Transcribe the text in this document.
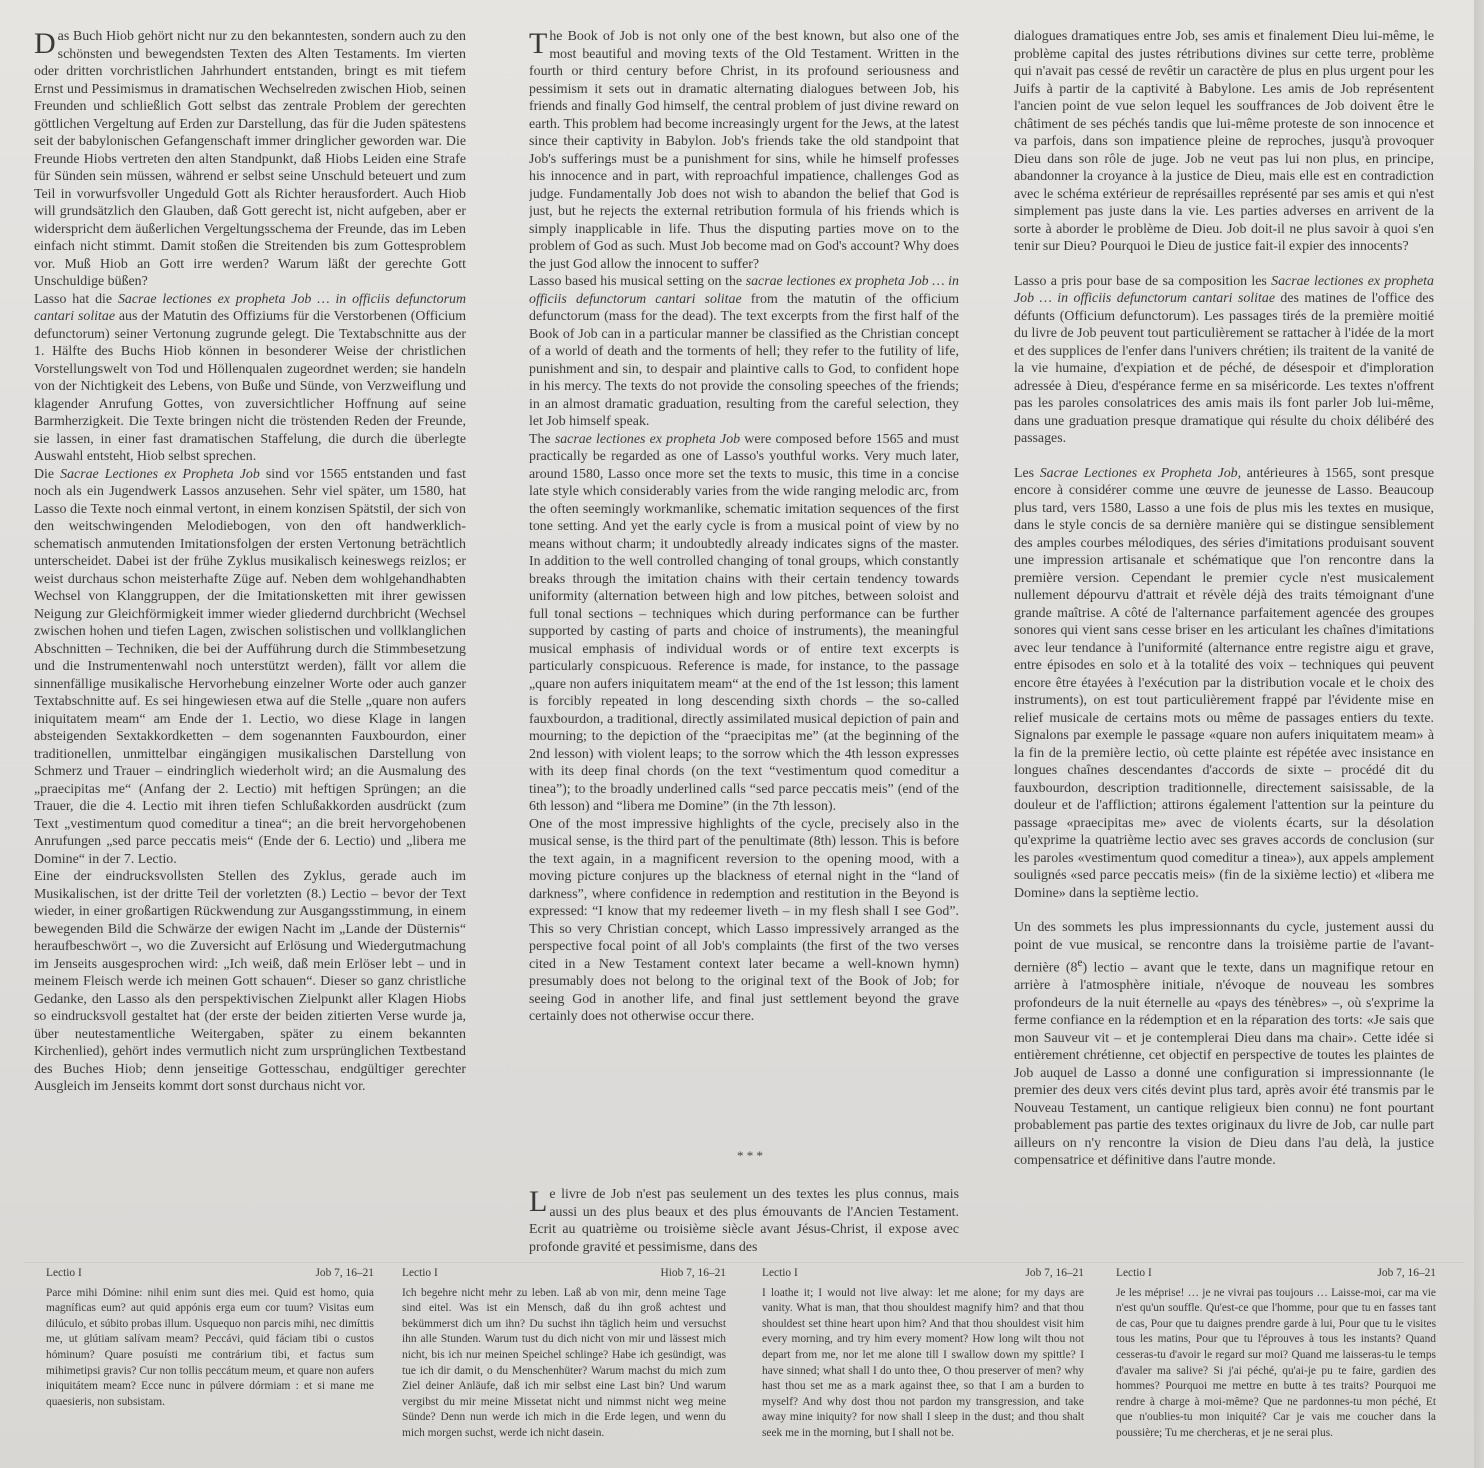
Das Buch Hiob gehört nicht nur zu den bekanntesten, sondern auch zu den schönsten und bewegendsten Texten des Alten Testaments. Im vierten oder dritten vorchristlichen Jahrhundert entstanden, bringt es mit tiefem Ernst und Pessimismus in dramatischen Wechselreden zwischen Hiob, seinen Freunden und schließlich Gott selbst das zentrale Problem der gerechten göttlichen Vergeltung auf Erden zur Darstellung, das für die Juden spätestens seit der babylonischen Gefangenschaft immer dringlicher geworden war. Die Freunde Hiobs vertreten den alten Standpunkt, daß Hiobs Leiden eine Strafe für Sünden sein müssen, während er selbst seine Unschuld beteuert und zum Teil in vorwurfsvoller Ungeduld Gott als Richter herausfordert. Auch Hiob will grundsätzlich den Glauben, daß Gott gerecht ist, nicht aufgeben, aber er widerspricht dem äußerlichen Vergeltungsschema der Freunde, das im Leben einfach nicht stimmt. Damit stoßen die Streitenden bis zum Gottesproblem vor. Muß Hiob an Gott irre werden? Warum läßt der gerechte Gott Unschuldige büßen?

Lasso hat die Sacrae lectiones ex propheta Job … in officiis defunctorum cantari solitae aus der Matutin des Offiziums für die Verstorbenen (Officium defunctorum) seiner Vertonung zugrunde gelegt. Die Textabschnitte aus der 1. Hälfte des Buchs Hiob können in besonderer Weise der christlichen Vorstellungswelt von Tod und Höllenqualen zugeordnet werden; sie handeln von der Nichtigkeit des Lebens, von Buße und Sünde, von Verzweiflung und klagender Anrufung Gottes, von zuversichtlicher Hoffnung auf seine Barmherzigkeit. Die Texte bringen nicht die tröstenden Reden der Freunde, sie lassen, in einer fast dramatischen Staffelung, die durch die überlegte Auswahl entsteht, Hiob selbst sprechen.

Die Sacrae Lectiones ex Propheta Job sind vor 1565 entstanden und fast noch als ein Jugendwerk Lassos anzusehen. Sehr viel später, um 1580, hat Lasso die Texte noch einmal vertont, in einem konzisen Spätstil, der sich von den weitschwingenden Melodiebogen, von den oft handwerklich-schematisch anmutenden Imitationsfolgen der ersten Vertonung beträchtlich unterscheidet. Dabei ist der frühe Zyklus musikalisch keineswegs reizlos; er weist durchaus schon meisterhafte Züge auf. Neben dem wohlgehandhabten Wechsel von Klanggruppen, der die Imitationsketten mit ihrer gewissen Neigung zur Gleichförmigkeit immer wieder gliedernd durchbricht (Wechsel zwischen hohen und tiefen Lagen, zwischen solistischen und vollklanglichen Abschnitten – Techniken, die bei der Aufführung durch die Stimmbesetzung und die Instrumentenwahl noch unterstützt werden), fällt vor allem die sinnenfällige musikalische Hervorhebung einzelner Worte oder auch ganzer Textabschnitte auf. Es sei hingewiesen etwa auf die Stelle „quare non aufers iniquitatem meam“ am Ende der 1. Lectio, wo diese Klage in langen absteigenden Sextakkordketten – dem sogenannten Fauxbourdon, einer traditionellen, unmittelbar eingängigen musikalischen Darstellung von Schmerz und Trauer – eindringlich wiederholt wird; an die Ausmalung des „praecipitas me“ (Anfang der 2. Lectio) mit heftigen Sprüngen; an die Trauer, die die 4. Lectio mit ihren tiefen Schlußakkorden ausdrückt (zum Text „vestimentum quod comeditur a tinea“; an die breit hervorgehobenen Anrufungen „sed parce peccatis meis“ (Ende der 6. Lectio) und „libera me Domine“ in der 7. Lectio.

Eine der eindrucksvollsten Stellen des Zyklus, gerade auch im Musikalischen, ist der dritte Teil der vorletzten (8.) Lectio – bevor der Text wieder, in einer großartigen Rückwendung zur Ausgangsstimmung, in einem bewegenden Bild die Schwärze der ewigen Nacht im „Lande der Düsternis“ heraufbeschwört –, wo die Zuversicht auf Erlösung und Wiedergutmachung im Jenseits ausgesprochen wird: „Ich weiß, daß mein Erlöser lebt – und in meinem Fleisch werde ich meinen Gott schauen“. Dieser so ganz christliche Gedanke, den Lasso als den perspektivischen Zielpunkt aller Klagen Hiobs so eindrucksvoll gestaltet hat (der erste der beiden zitierten Verse wurde ja, über neutestamentliche Weitergaben, später zu einem bekannten Kirchenlied), gehört indes vermutlich nicht zum ursprünglichen Textbestand des Buches Hiob; denn jenseitige Gottesschau, endgültiger gerechter Ausgleich im Jenseits kommt dort sonst durchaus nicht vor.

The Book of Job is not only one of the best known, but also one of the most beautiful and moving texts of the Old Testament. Written in the fourth or third century before Christ, in its profound seriousness and pessimism it sets out in dramatic alternating dialogues between Job, his friends and finally God himself, the central problem of just divine reward on earth. This problem had become increasingly urgent for the Jews, at the latest since their captivity in Babylon. Job's friends take the old standpoint that Job's sufferings must be a punishment for sins, while he himself professes his innocence and in part, with reproachful impatience, challenges God as judge. Fundamentally Job does not wish to abandon the belief that God is just, but he rejects the external retribution formula of his friends which is simply inapplicable in life. Thus the disputing parties move on to the problem of God as such. Must Job become mad on God's account? Why does the just God allow the innocent to suffer?

Lasso based his musical setting on the sacrae lectiones ex propheta Job … in officiis defunctorum cantari solitae from the matutin of the officium defunctorum (mass for the dead). The text excerpts from the first half of the Book of Job can in a particular manner be classified as the Christian concept of a world of death and the torments of hell; they refer to the futility of life, punishment and sin, to despair and plaintive calls to God, to confident hope in his mercy. The texts do not provide the consoling speeches of the friends; in an almost dramatic graduation, resulting from the careful selection, they let Job himself speak.

The sacrae lectiones ex propheta Job were composed before 1565 and must practically be regarded as one of Lasso's youthful works. Very much later, around 1580, Lasso once more set the texts to music, this time in a concise late style which considerably varies from the wide ranging melodic arc, from the often seemingly workmanlike, schematic imitation sequences of the first tone setting. And yet the early cycle is from a musical point of view by no means without charm; it undoubtedly already indicates signs of the master. In addition to the well controlled changing of tonal groups, which constantly breaks through the imitation chains with their certain tendency towards uniformity (alternation between high and low pitches, between soloist and full tonal sections – techniques which during performance can be further supported by casting of parts and choice of instruments), the meaningful musical emphasis of individual words or of entire text excerpts is particularly conspicuous. Reference is made, for instance, to the passage „quare non aufers iniquitatem meam“ at the end of the 1st lesson; this lament is forcibly repeated in long descending sixth chords – the so-called fauxbourdon, a traditional, directly assimilated musical depiction of pain and mourning; to the depiction of the “praecipitas me” (at the beginning of the 2nd lesson) with violent leaps; to the sorrow which the 4th lesson expresses with its deep final chords (on the text “vestimentum quod comeditur a tinea”); to the broadly underlined calls “sed parce peccatis meis” (end of the 6th lesson) and “libera me Domine” (in the 7th lesson).

One of the most impressive highlights of the cycle, precisely also in the musical sense, is the third part of the penultimate (8th) lesson. This is before the text again, in a magnificent reversion to the opening mood, with a moving picture conjures up the blackness of eternal night in the “land of darkness”, where confidence in redemption and restitution in the Beyond is expressed: “I know that my redeemer liveth – in my flesh shall I see God”. This so very Christian concept, which Lasso impressively arranged as the perspective focal point of all Job's complaints (the first of the two verses cited in a New Testament context later became a well-known hymn) presumably does not belong to the original text of the Book of Job; for seeing God in another life, and final just settlement beyond the grave certainly does not otherwise occur there.

* * *

Le livre de Job n'est pas seulement un des textes les plus connus, mais aussi un des plus beaux et des plus émouvants de l'Ancien Testament. Ecrit au quatrième ou troisième siècle avant Jésus-Christ, il expose avec profonde gravité et pessimisme, dans des

dialogues dramatiques entre Job, ses amis et finalement Dieu lui-même, le problème capital des justes rétributions divines sur cette terre, problème qui n'avait pas cessé de revêtir un caractère de plus en plus urgent pour les Juifs à partir de la captivité à Babylone. Les amis de Job représentent l'ancien point de vue selon lequel les souffrances de Job doivent être le châtiment de ses péchés tandis que lui-même proteste de son innocence et va parfois, dans son impatience pleine de reproches, jusqu'à provoquer Dieu dans son rôle de juge. Job ne veut pas lui non plus, en principe, abandonner la croyance à la justice de Dieu, mais elle est en contradiction avec le schéma extérieur de représailles représenté par ses amis et qui n'est simplement pas juste dans la vie. Les parties adverses en arrivent de la sorte à aborder le problème de Dieu. Job doit-il ne plus savoir à quoi s'en tenir sur Dieu? Pourquoi le Dieu de justice fait-il expier des innocents?

Lasso a pris pour base de sa composition les Sacrae lectiones ex propheta Job … in officiis defunctorum cantari solitae des matines de l'office des défunts (Officium defunctorum). Les passages tirés de la première moitié du livre de Job peuvent tout particulièrement se rattacher à l'idée de la mort et des supplices de l'enfer dans l'univers chrétien; ils traitent de la vanité de la vie humaine, d'expiation et de péché, de désespoir et d'imploration adressée à Dieu, d'espérance ferme en sa miséricorde. Les textes n'offrent pas les paroles consolatrices des amis mais ils font parler Job lui-même, dans une graduation presque dramatique qui résulte du choix délibéré des passages.

Les Sacrae Lectiones ex Propheta Job, antérieures à 1565, sont presque encore à considérer comme une œuvre de jeunesse de Lasso. Beaucoup plus tard, vers 1580, Lasso a une fois de plus mis les textes en musique, dans le style concis de sa dernière manière qui se distingue sensiblement des amples courbes mélodiques, des séries d'imitations produisant souvent une impression artisanale et schématique que l'on rencontre dans la première version. Cependant le premier cycle n'est musicalement nullement dépourvu d'attrait et révèle déjà des traits témoignant d'une grande maîtrise. A côté de l'alternance parfaitement agencée des groupes sonores qui vient sans cesse briser en les articulant les chaînes d'imitations avec leur tendance à l'uniformité (alternance entre registre aigu et grave, entre épisodes en solo et à la totalité des voix – techniques qui peuvent encore être étayées à l'exécution par la distribution vocale et le choix des instruments), on est tout particulièrement frappé par l'évidente mise en relief musicale de certains mots ou même de passages entiers du texte. Signalons par exemple le passage «quare non aufers iniquitatem meam» à la fin de la première lectio, où cette plainte est répétée avec insistance en longues chaînes descendantes d'accords de sixte – procédé dit du fauxbourdon, description traditionnelle, directement saisissable, de la douleur et de l'affliction; attirons également l'attention sur la peinture du passage «praecipitas me» avec de violents écarts, sur la désolation qu'exprime la quatrième lectio avec ses graves accords de conclusion (sur les paroles «vestimentum quod comeditur a tinea»), aux appels amplement soulignés «sed parce peccatis meis» (fin de la sixième lectio) et «libera me Domine» dans la septième lectio.

Un des sommets les plus impressionnants du cycle, justement aussi du point de vue musical, se rencontre dans la troisième partie de l'avant-dernière (8e) lectio – avant que le texte, dans un magnifique retour en arrière à l'atmosphère initiale, n'évoque de nouveau les sombres profondeurs de la nuit éternelle au «pays des ténèbres» –, où s'exprime la ferme confiance en la rédemption et en la réparation des torts: «Je sais que mon Sauveur vit – et je contemplerai Dieu dans ma chair». Cette idée si entièrement chrétienne, cet objectif en perspective de toutes les plaintes de Job auquel de Lasso a donné une configuration si impressionnante (le premier des deux vers cités devint plus tard, après avoir été transmis par le Nouveau Testament, un cantique religieux bien connu) ne font pourtant probablement pas partie des textes originaux du livre de Job, car nulle part ailleurs on n'y rencontre la vision de Dieu dans l'au delà, la justice compensatrice et définitive dans l'autre monde.

Lectio I	Job 7, 16–21
Parce mihi Dómine: nihil enim sunt dies mei. Quid est homo, quia magníficas eum? aut quid appónis erga eum cor tuum? Visitas eum dilúculo, et súbito probas illum. Usquequo non parcis mihi, nec dimíttis me, ut glútiam salívam meam? Peccávi, quid fáciam tibi o custos hóminum? Quare posuísti me contrárium tibi, et factus sum mihimetipsi gravis? Cur non tollis peccátum meum, et quare non aufers iniquitátem meam? Ecce nunc in púlvere dórmiam : et si mane me quaesieris, non subsistam.
Lectio I	Hiob 7, 16–21
Ich begehre nicht mehr zu leben. Laß ab von mir, denn meine Tage sind eitel. Was ist ein Mensch, daß du ihn groß achtest und bekümmerst dich um ihn? Du suchst ihn täglich heim und versuchst ihn alle Stunden. Warum tust du dich nicht von mir und lässest mich nicht, bis ich nur meinen Speichel schlinge? Habe ich gesündigt, was tue ich dir damit, o du Menschenhüter? Warum machst du mich zum Ziel deiner Anläufe, daß ich mir selbst eine Last bin? Und warum vergibst du mir meine Missetat nicht und nimmst nicht weg meine Sünde? Denn nun werde ich mich in die Erde legen, und wenn du mich morgen suchst, werde ich nicht dasein.
Lectio I	Job 7, 16–21
I loathe it; I would not live alway: let me alone; for my days are vanity. What is man, that thou shouldest magnify him? and that thou shouldest set thine heart upon him? And that thou shouldest visit him every morning, and try him every moment? How long wilt thou not depart from me, nor let me alone till I swallow down my spittle? I have sinned; what shall I do unto thee, O thou preserver of men? why hast thou set me as a mark against thee, so that I am a burden to myself? And why dost thou not pardon my transgression, and take away mine iniquity? for now shall I sleep in the dust; and thou shalt seek me in the morning, but I shall not be.
Lectio I	Job 7, 16–21
Je les méprise! … je ne vivrai pas toujours … Laisse-moi, car ma vie n'est qu'un souffle. Qu'est-ce que l'homme, pour que tu en fasses tant de cas, Pour que tu daignes prendre garde à lui, Pour que tu le visites tous les matins, Pour que tu l'éprouves à tous les instants? Quand cesseras-tu d'avoir le regard sur moi? Quand me laisseras-tu le temps d'avaler ma salive? Si j'ai péché, qu'ai-je pu te faire, gardien des hommes? Pourquoi me mettre en butte à tes traits? Pourquoi me rendre à charge à moi-même? Que ne pardonnes-tu mon péché, Et que n'oublies-tu mon iniquité? Car je vais me coucher dans la poussière; Tu me chercheras, et je ne serai plus.
